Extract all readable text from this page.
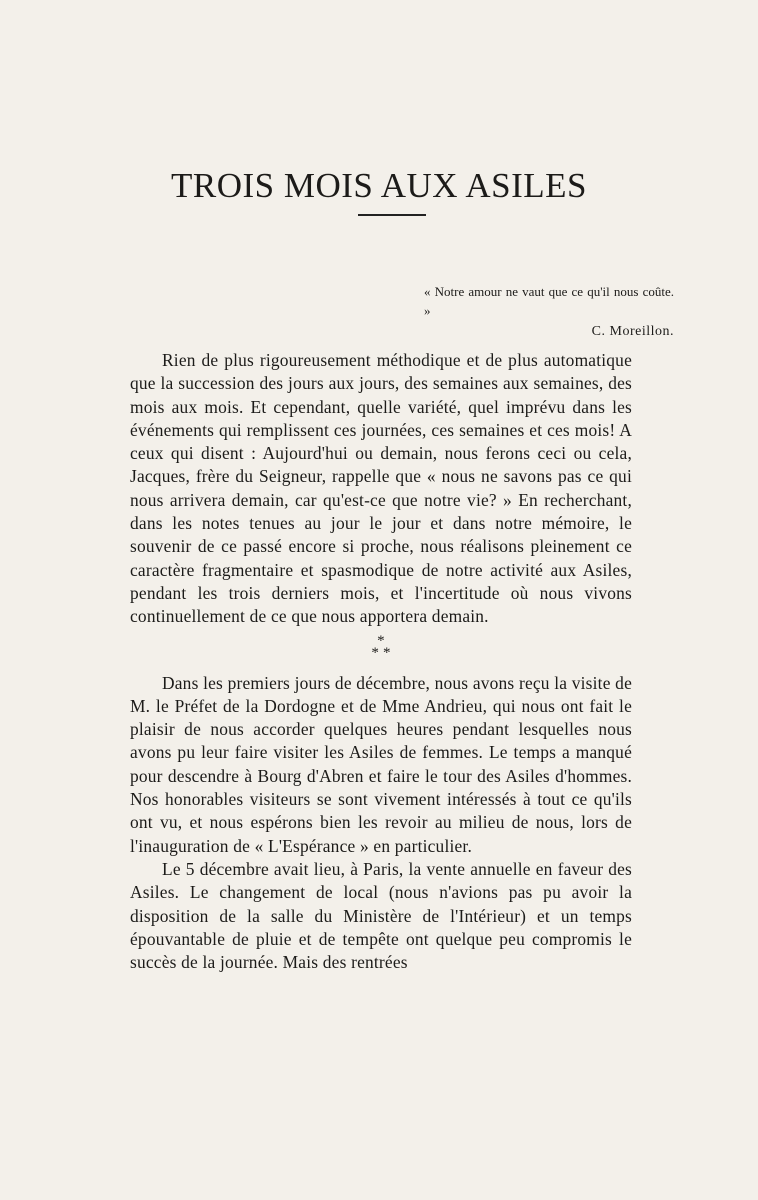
TROIS MOIS AUX ASILES
« Notre amour ne vaut que ce qu'il nous coûte. »
C. Moreillon.

Rien de plus rigoureusement méthodique et de plus automatique que la succession des jours aux jours, des semaines aux semaines, des mois aux mois. Et cependant, quelle variété, quel imprévu dans les événements qui remplissent ces journées, ces semaines et ces mois! A ceux qui disent : Aujourd'hui ou demain, nous ferons ceci ou cela, Jacques, frère du Seigneur, rappelle que « nous ne savons pas ce qui nous arrivera demain, car qu'est-ce que notre vie? » En recherchant, dans les notes tenues au jour le jour et dans notre mémoire, le souvenir de ce passé encore si proche, nous réalisons pleinement ce caractère fragmentaire et spasmodique de notre activité aux Asiles, pendant les trois derniers mois, et l'incertitude où nous vivons continuellement de ce que nous apportera demain.

*
* *

Dans les premiers jours de décembre, nous avons reçu la visite de M. le Préfet de la Dordogne et de Mme Andrieu, qui nous ont fait le plaisir de nous accorder quelques heures pendant lesquelles nous avons pu leur faire visiter les Asiles de femmes. Le temps a manqué pour descendre à Bourg d'Abren et faire le tour des Asiles d'hommes. Nos honorables visiteurs se sont vivement intéressés à tout ce qu'ils ont vu, et nous espérons bien les revoir au milieu de nous, lors de l'inauguration de « L'Espérance » en particulier.

Le 5 décembre avait lieu, à Paris, la vente annuelle en faveur des Asiles. Le changement de local (nous n'avions pas pu avoir la disposition de la salle du Ministère de l'Intérieur) et un temps épouvantable de pluie et de tempête ont quelque peu compromis le succès de la journée. Mais des rentrées
